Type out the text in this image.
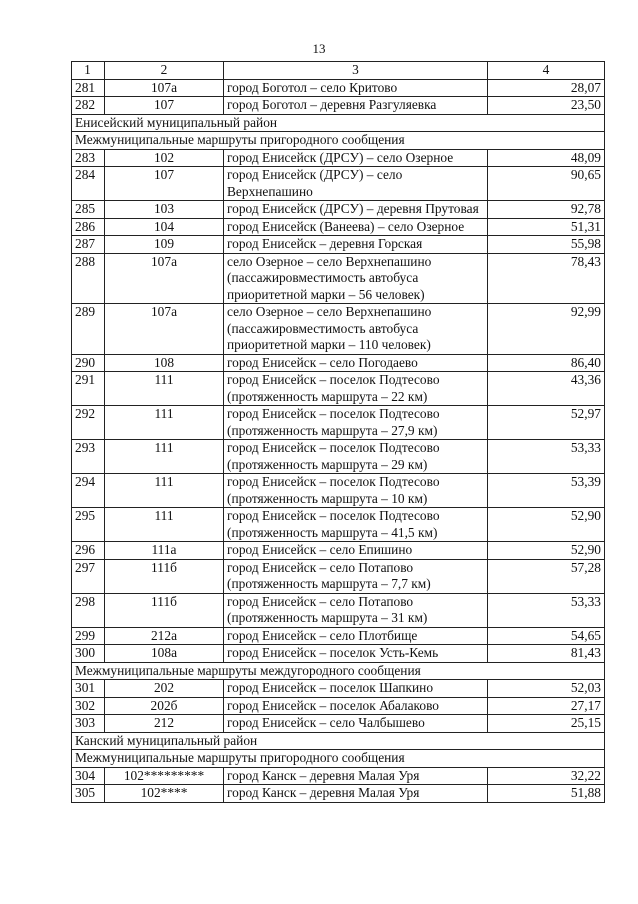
13
1	2	3	4
281	107а	город Боготол – село Критово	28,07
282	107	город Боготол – деревня Разгуляевка	23,50
Енисейский муниципальный район			
Межмуниципальные маршруты пригородного сообщения			
283	102	город Енисейск (ДРСУ) – село Озерное	48,09
284	107	город Енисейск (ДРСУ) – село Верхнепашино	90,65
285	103	город Енисейск (ДРСУ) – деревня Прутовая	92,78
286	104	город Енисейск (Ванеева) – село Озерное	51,31
287	109	город Енисейск – деревня Горская	55,98
288	107а	село Озерное – село Верхнепашино (пассажировместимость автобуса приоритетной марки – 56 человек)	78,43
289	107а	село Озерное – село Верхнепашино (пассажировместимость автобуса приоритетной марки – 110 человек)	92,99
290	108	город Енисейск – село Погодаево	86,40
291	111	город Енисейск – поселок Подтесово (протяженность маршрута – 22 км)	43,36
292	111	город Енисейск – поселок Подтесово (протяженность маршрута – 27,9 км)	52,97
293	111	город Енисейск – поселок Подтесово (протяженность маршрута – 29 км)	53,33
294	111	город Енисейск – поселок Подтесово (протяженность маршрута – 10 км)	53,39
295	111	город Енисейск – поселок Подтесово (протяженность маршрута – 41,5 км)	52,90
296	111а	город Енисейск – село Епишино	52,90
297	111б	город Енисейск – село Потапово (протяженность маршрута – 7,7 км)	57,28
298	111б	город Енисейск – село Потапово (протяженность маршрута – 31 км)	53,33
299	212а	город Енисейск – село Плотбище	54,65
300	108а	город Енисейск – поселок Усть-Кемь	81,43
Межмуниципальные маршруты междугородного сообщения			
301	202	город Енисейск – поселок Шапкино	52,03
302	202б	город Енисейск – поселок Абалаково	27,17
303	212	город Енисейск – село Чалбышево	25,15
Канский муниципальный район			
Межмуниципальные маршруты пригородного сообщения			
304	102*********	город Канск – деревня Малая Уря	32,22
305	102****	город Канск – деревня Малая Уря	51,88
